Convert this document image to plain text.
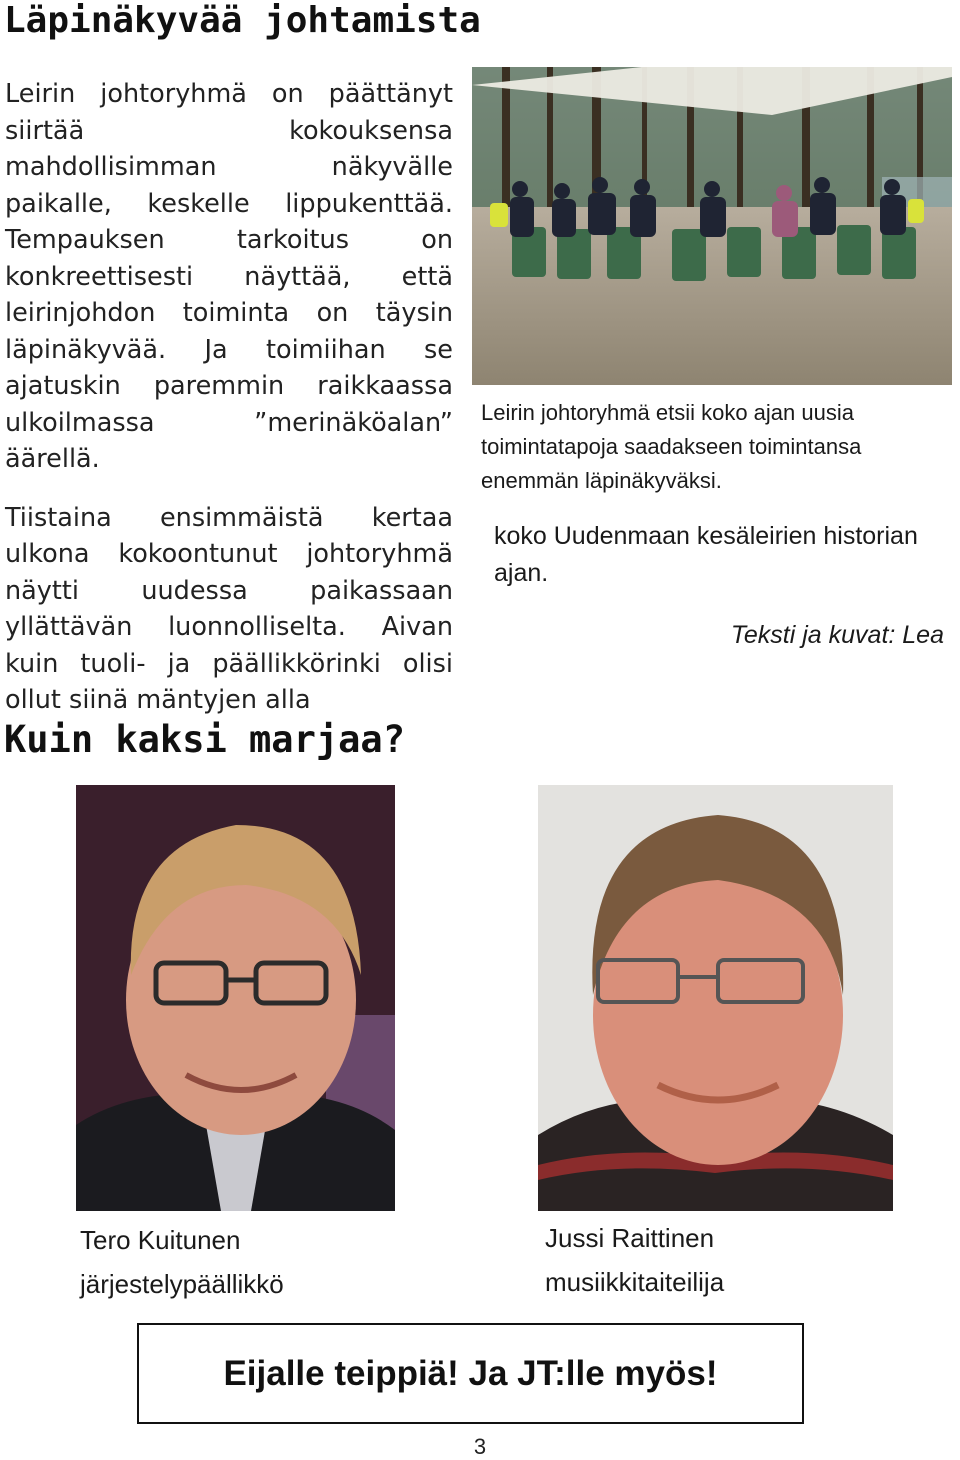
Läpinäkyvää johtamista

Leirin johtoryhmä on päättänyt siirtää kokouksensa mahdollisimman näkyvälle paikalle, keskelle lippukenttää. Tempauksen tarkoitus on konkreettisesti näyttää, että leirinjohdon toiminta on täysin läpinäkyvää. Ja toimiihan se ajatuskin paremmin raikkaassa ulkoilmassa ”merinäköalan” äärellä.

Tiistaina ensimmäistä kertaa ulkona kokoontunut johtoryhmä näytti uudessa paikassaan yllättävän luonnolliselta. Aivan kuin tuoli- ja päällikkörinki olisi ollut siinä mäntyjen alla

Leirin johtoryhmä etsii koko ajan uusia toimintatapoja saadakseen toimintansa enemmän läpinäkyväksi.
koko Uudenmaan kesäleirien historian ajan.
Teksti ja kuvat: Lea
Kuin kaksi marjaa?
Tero Kuitunen
järjestelypäällikkö
Jussi Raittinen
musiikkitaiteilija
Eijalle teippiä! Ja JT:lle myös!
3
